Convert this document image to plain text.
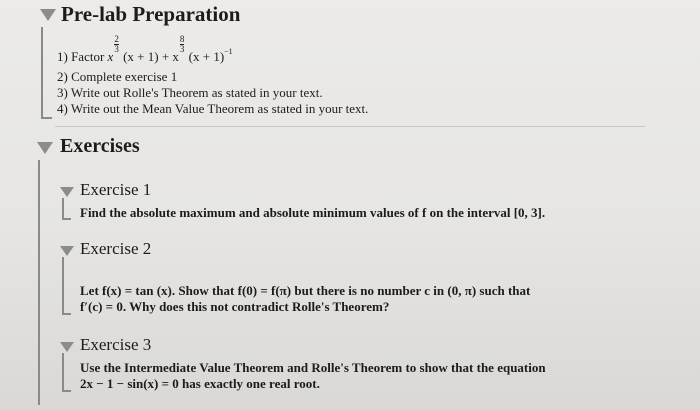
Pre-lab Preparation
1) Factor x
$\frac{2}{3}$
(x + 1) + x
$\frac{8}{3}$
$(x + 1)^{-1}$
2) Complete exercise 1
3) Write out Rolle's Theorem as stated in your text.
4) Write out the Mean Value Theorem as stated in your text.
Exercises
Exercise 1
Find the absolute maximum and absolute minimum values of f on the interval [0, 3].
Exercise 2
Let f(x) = tan (x). Show that f(0) = f(π) but there is no number c in (0, π) such that
f′(c) = 0. Why does this not contradict Rolle's Theorem?
Exercise 3
Use the Intermediate Value Theorem and Rolle's Theorem to show that the equation
2x − 1 − sin(x) = 0 has exactly one real root.
